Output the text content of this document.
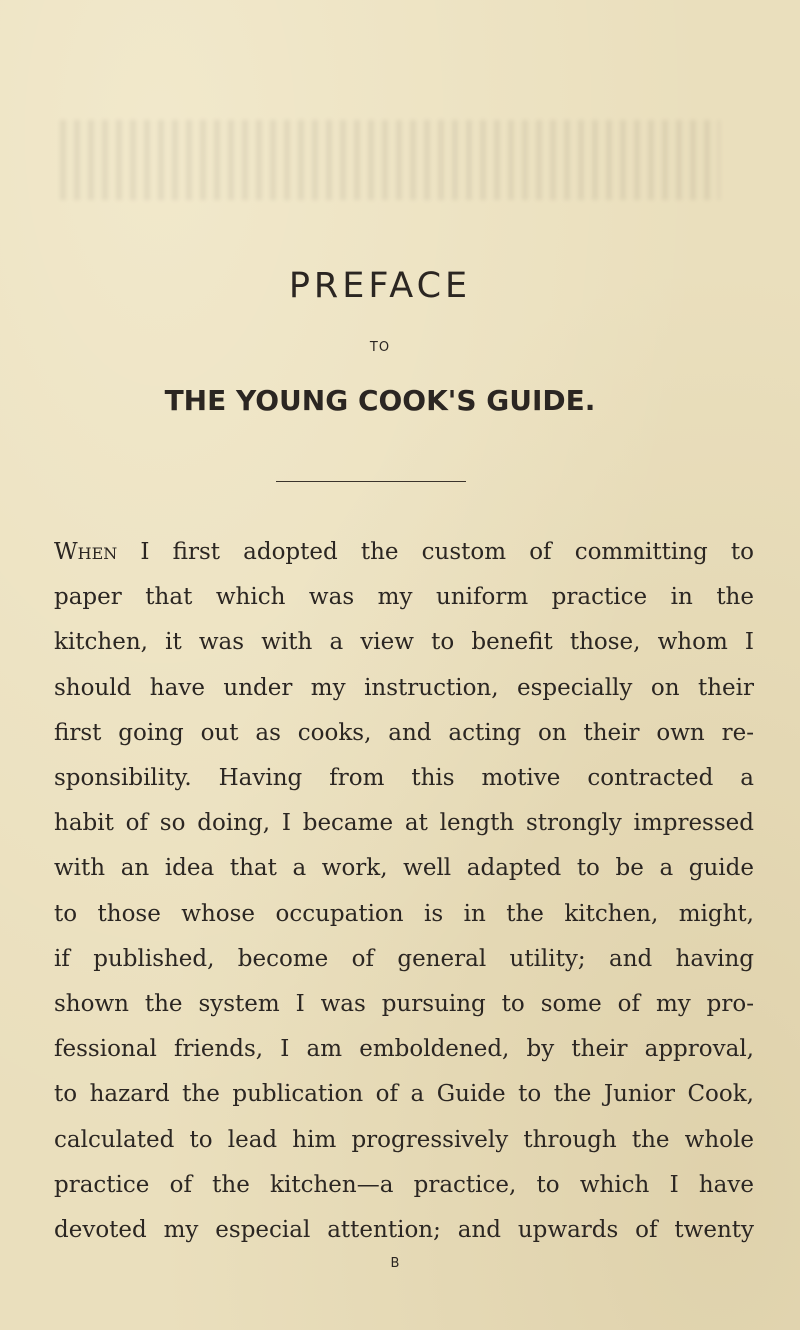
PREFACE

TO

THE YOUNG COOK'S GUIDE.
When I first adopted the custom of committing to
paper that which was my uniform practice in the
kitchen, it was with a view to benefit those, whom I
should have under my instruction, especially on their
first going out as cooks, and acting on their own re-
sponsibility. Having from this motive contracted a
habit of so doing, I became at length strongly impressed
with an idea that a work, well adapted to be a guide
to those whose occupation is in the kitchen, might,
if published, become of general utility; and having
shown the system I was pursuing to some of my pro-
fessional friends, I am emboldened, by their approval,
to hazard the publication of a Guide to the Junior Cook,
calculated to lead him progressively through the whole
practice of the kitchen—a practice, to which I have
devoted my especial attention; and upwards of twenty

B
